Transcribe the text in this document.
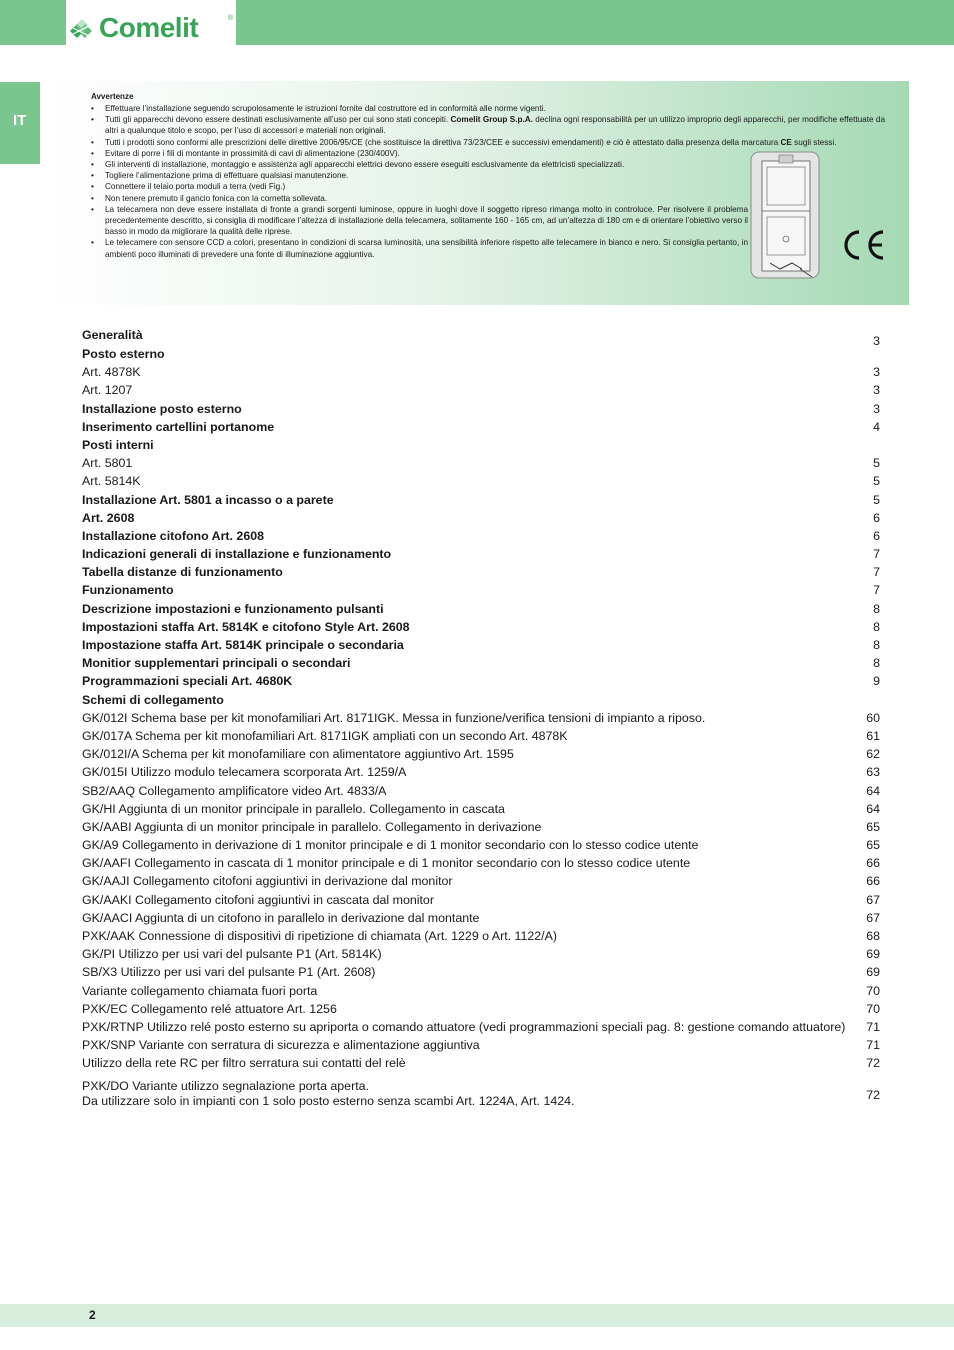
Comelit	®
IT
Avvertenze
• Effettuare l’installazione seguendo scrupolosamente le istruzioni fornite dal costruttore ed in conformità alle norme vigenti.
• Tutti gli apparecchi devono essere destinati esclusivamente all’uso per cui sono stati concepiti. Comelit Group S.p.A. declina ogni responsabilità per un utilizzo improprio degli apparecchi, per modifiche effettuate da altri a qualunque titolo e scopo, per l’uso di accessori e materiali non originali.
• Tutti i prodotti sono conformi alle prescrizioni delle direttive 2006/95/CE (che sostituisce la direttiva 73/23/CEE e successivi emendamenti) e ciò è attestato dalla presenza della marcatura CE sugli stessi.
• Evitare di porre i fili di montante in prossimità di cavi di alimentazione (230/400V).
• Gli interventi di installazione, montaggio e assistenza agli apparecchi elettrici devono essere eseguiti esclusivamente da elettricisti specializzati.
• Togliere l’alimentazione prima di effettuare qualsiasi manutenzione.
• Connettere il telaio porta moduli a terra (vedi Fig.)
• Non tenere premuto il gancio fonica con la cornetta sollevata.
• La telecamera non deve essere installata di fronte a grandi sorgenti luminose, oppure in luoghi dove il soggetto ripreso rimanga molto in controluce. Per risolvere il problema precedentemente descritto, si consiglia di modificare l’altezza di installazione della telecamera, solitamente 160 - 165 cm, ad un’altezza di 180 cm e di orientare l’obiettivo verso il basso in modo da migliorare la qualità delle riprese.
• Le telecamere con sensore CCD a colori, presentano in condizioni di scarsa luminosità, una sensibilità inferiore rispetto alle telecamere in bianco e nero. Si consiglia pertanto, in ambienti poco illuminati di prevedere una fonte di illuminazione aggiuntiva.
Generalità	3
Posto esterno
Art. 4878K	3
Art. 1207	3
Installazione posto esterno	3
Inserimento cartellini portanome	4
Posti interni
Art. 5801	5
Art. 5814K	5
Installazione Art. 5801 a incasso o a parete	5
Art. 2608	6
Installazione citofono Art. 2608	6
Indicazioni generali di installazione e funzionamento	7
Tabella distanze di funzionamento	7
Funzionamento	7
Descrizione impostazioni e funzionamento pulsanti	8
Impostazioni staffa Art. 5814K e citofono Style Art. 2608	8
Impostazione staffa Art. 5814K principale o secondaria	8
Monitior supplementari principali o secondari	8
Programmazioni speciali Art. 4680K	9
Schemi di collegamento
GK/012I Schema base per kit monofamiliari Art. 8171IGK. Messa in funzione/verifica tensioni di impianto a riposo.	60
GK/017A Schema per kit monofamiliari Art. 8171IGK ampliati con un secondo Art. 4878K	61
GK/012I/A Schema per kit monofamiliare con alimentatore aggiuntivo Art. 1595	62
GK/015I Utilizzo modulo telecamera scorporata Art. 1259/A	63
SB2/AAQ Collegamento amplificatore video Art. 4833/A	64
GK/HI Aggiunta di un monitor principale in parallelo. Collegamento in cascata	64
GK/AABI Aggiunta di un monitor principale in parallelo. Collegamento in derivazione	65
GK/A9 Collegamento in derivazione di 1 monitor principale e di 1 monitor secondario con lo stesso codice utente	65
GK/AAFI Collegamento in cascata di 1 monitor principale e di 1 monitor secondario con lo stesso codice utente	66
GK/AAJI Collegamento citofoni aggiuntivi in derivazione dal monitor	66
GK/AAKI Collegamento citofoni aggiuntivi in cascata dal monitor	67
GK/AACI Aggiunta di un citofono in parallelo in derivazione dal montante	67
PXK/AAK Connessione di dispositivi di ripetizione di chiamata (Art. 1229 o Art. 1122/A)	68
GK/PI Utilizzo per usi vari del pulsante P1 (Art. 5814K)	69
SB/X3 Utilizzo per usi vari del pulsante P1 (Art. 2608)	69
Variante collegamento chiamata fuori porta	70
PXK/EC Collegamento relé attuatore Art. 1256	70
PXK/RTNP Utilizzo relé posto esterno su apriporta o comando attuatore (vedi programmazioni speciali pag. 8: gestione comando attuatore) 71
PXK/SNP Variante con serratura di sicurezza e alimentazione aggiuntiva	71
Utilizzo della rete RC per filtro serratura sui contatti del relè	72
PXK/DO Variante utilizzo segnalazione porta aperta.
Da utilizzare solo in impianti con 1 solo posto esterno senza scambi Art. 1224A, Art. 1424.	72
2
